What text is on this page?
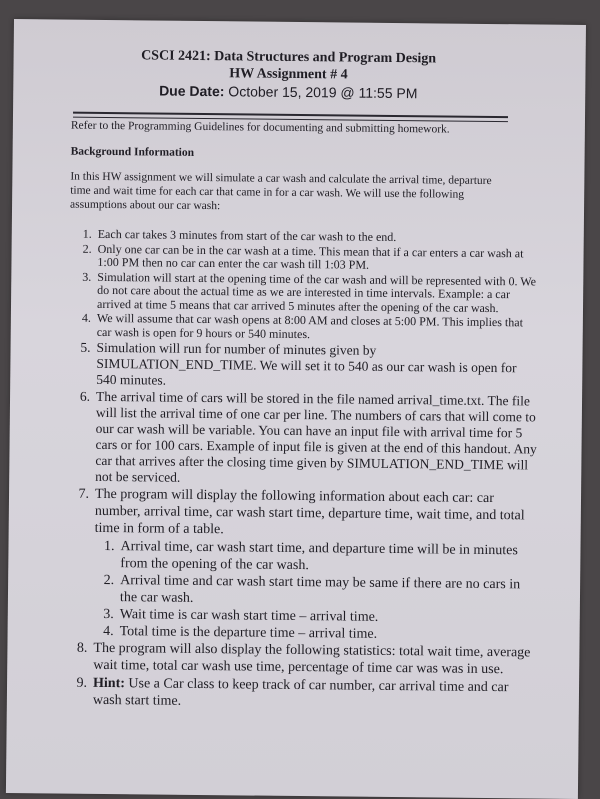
CSCI 2421: Data Structures and Program Design
HW Assignment # 4
Due Date: October 15, 2019 @ 11:55 PM
Refer to the Programming Guidelines for documenting and submitting homework.
Background Information
In this HW assignment we will simulate a car wash and calculate the arrival time, departure time and wait time for each car that came in for a car wash. We will use the following assumptions about our car wash:
1. Each car takes 3 minutes from start of the car wash to the end.
2. Only one car can be in the car wash at a time. This mean that if a car enters a car wash at 1:00 PM then no car can enter the car wash till 1:03 PM.
3. Simulation will start at the opening time of the car wash and will be represented with 0. We do not care about the actual time as we are interested in time intervals. Example: a car arrived at time 5 means that car arrived 5 minutes after the opening of the car wash.
4. We will assume that car wash opens at 8:00 AM and closes at 5:00 PM. This implies that car wash is open for 9 hours or 540 minutes.
5. Simulation will run for number of minutes given by SIMULATION_END_TIME. We will set it to 540 as our car wash is open for 540 minutes.
6. The arrival time of cars will be stored in the file named arrival_time.txt. The file will list the arrival time of one car per line. The numbers of cars that will come to our car wash will be variable. You can have an input file with arrival time for 5 cars or for 100 cars. Example of input file is given at the end of this handout. Any car that arrives after the closing time given by SIMULATION_END_TIME will not be serviced.
7. The program will display the following information about each car: car number, arrival time, car wash start time, departure time, wait time, and total time in form of a table.
1. Arrival time, car wash start time, and departure time will be in minutes from the opening of the car wash.
2. Arrival time and car wash start time may be same if there are no cars in the car wash.
3. Wait time is car wash start time – arrival time.
4. Total time is the departure time – arrival time.
8. The program will also display the following statistics: total wait time, average wait time, total car wash use time, percentage of time car was was in use.
9. Hint: Use a Car class to keep track of car number, car arrival time and car wash start time.
